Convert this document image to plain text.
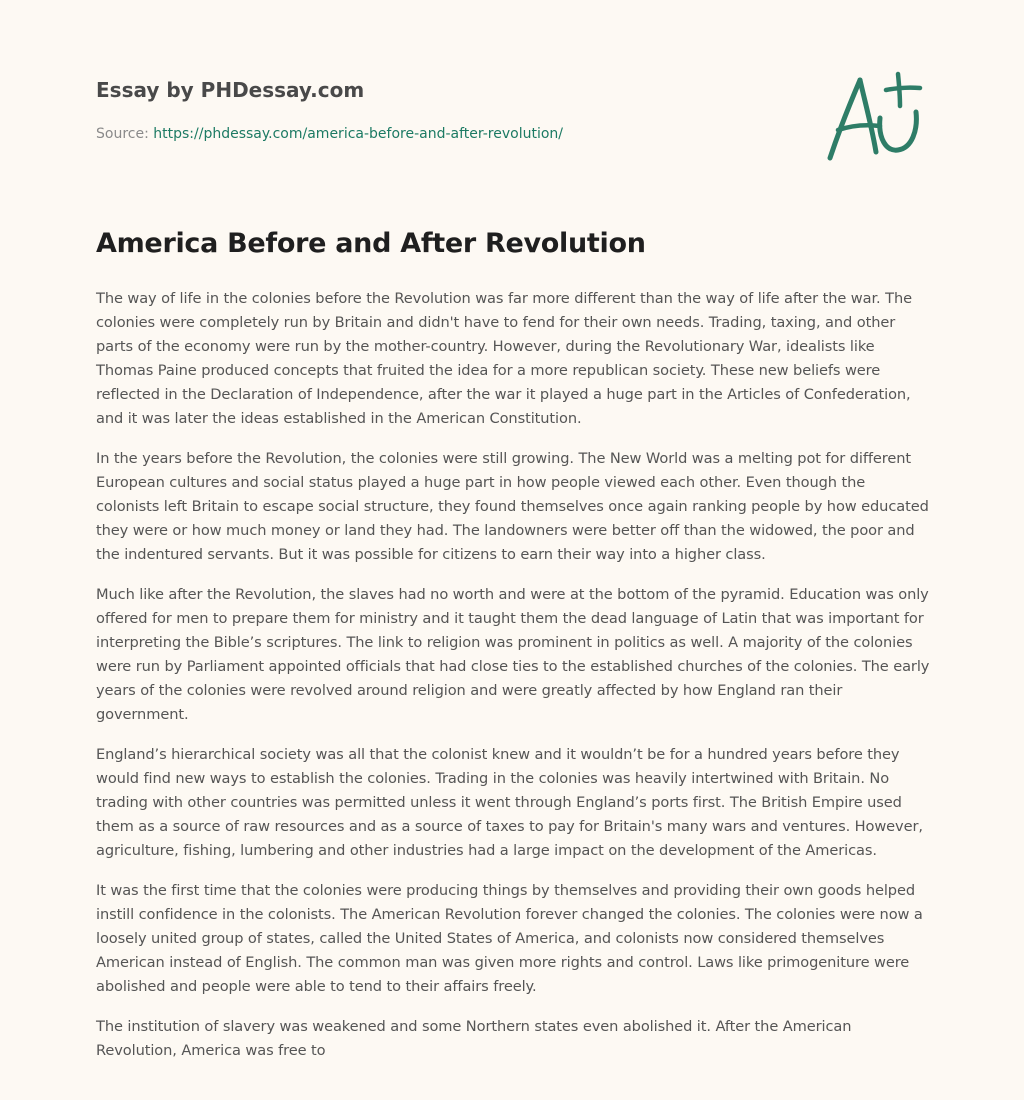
Essay by PHDessay.com
Source: https://phdessay.com/america-before-and-after-revolution/
America Before and After Revolution

The way of life in the colonies before the Revolution was far more different than the way of life after the war. The colonies were completely run by Britain and didn't have to fend for their own needs. Trading, taxing, and other parts of the economy were run by the mother-country. However, during the Revolutionary War, idealists like Thomas Paine produced concepts that fruited the idea for a more republican society. These new beliefs were reflected in the Declaration of Independence, after the war it played a huge part in the Articles of Confederation, and it was later the ideas established in the American Constitution.

In the years before the Revolution, the colonies were still growing. The New World was a melting pot for different European cultures and social status played a huge part in how people viewed each other. Even though the colonists left Britain to escape social structure, they found themselves once again ranking people by how educated they were or how much money or land they had. The landowners were better off than the widowed, the poor and the indentured servants. But it was possible for citizens to earn their way into a higher class.

Much like after the Revolution, the slaves had no worth and were at the bottom of the pyramid. Education was only offered for men to prepare them for ministry and it taught them the dead language of Latin that was important for interpreting the Bible’s scriptures. The link to religion was prominent in politics as well. A majority of the colonies were run by Parliament appointed officials that had close ties to the established churches of the colonies. The early years of the colonies were revolved around religion and were greatly affected by how England ran their government.

England’s hierarchical society was all that the colonist knew and it wouldn’t be for a hundred years before they would find new ways to establish the colonies. Trading in the colonies was heavily intertwined with Britain. No trading with other countries was permitted unless it went through England’s ports first. The British Empire used them as a source of raw resources and as a source of taxes to pay for Britain's many wars and ventures. However, agriculture, fishing, lumbering and other industries had a large impact on the development of the Americas.

It was the first time that the colonies were producing things by themselves and providing their own goods helped instill confidence in the colonists. The American Revolution forever changed the colonies. The colonies were now a loosely united group of states, called the United States of America, and colonists now considered themselves American instead of English. The common man was given more rights and control. Laws like primogeniture were abolished and people were able to tend to their affairs freely.

The institution of slavery was weakened and some Northern states even abolished it. After the American Revolution, America was free to
